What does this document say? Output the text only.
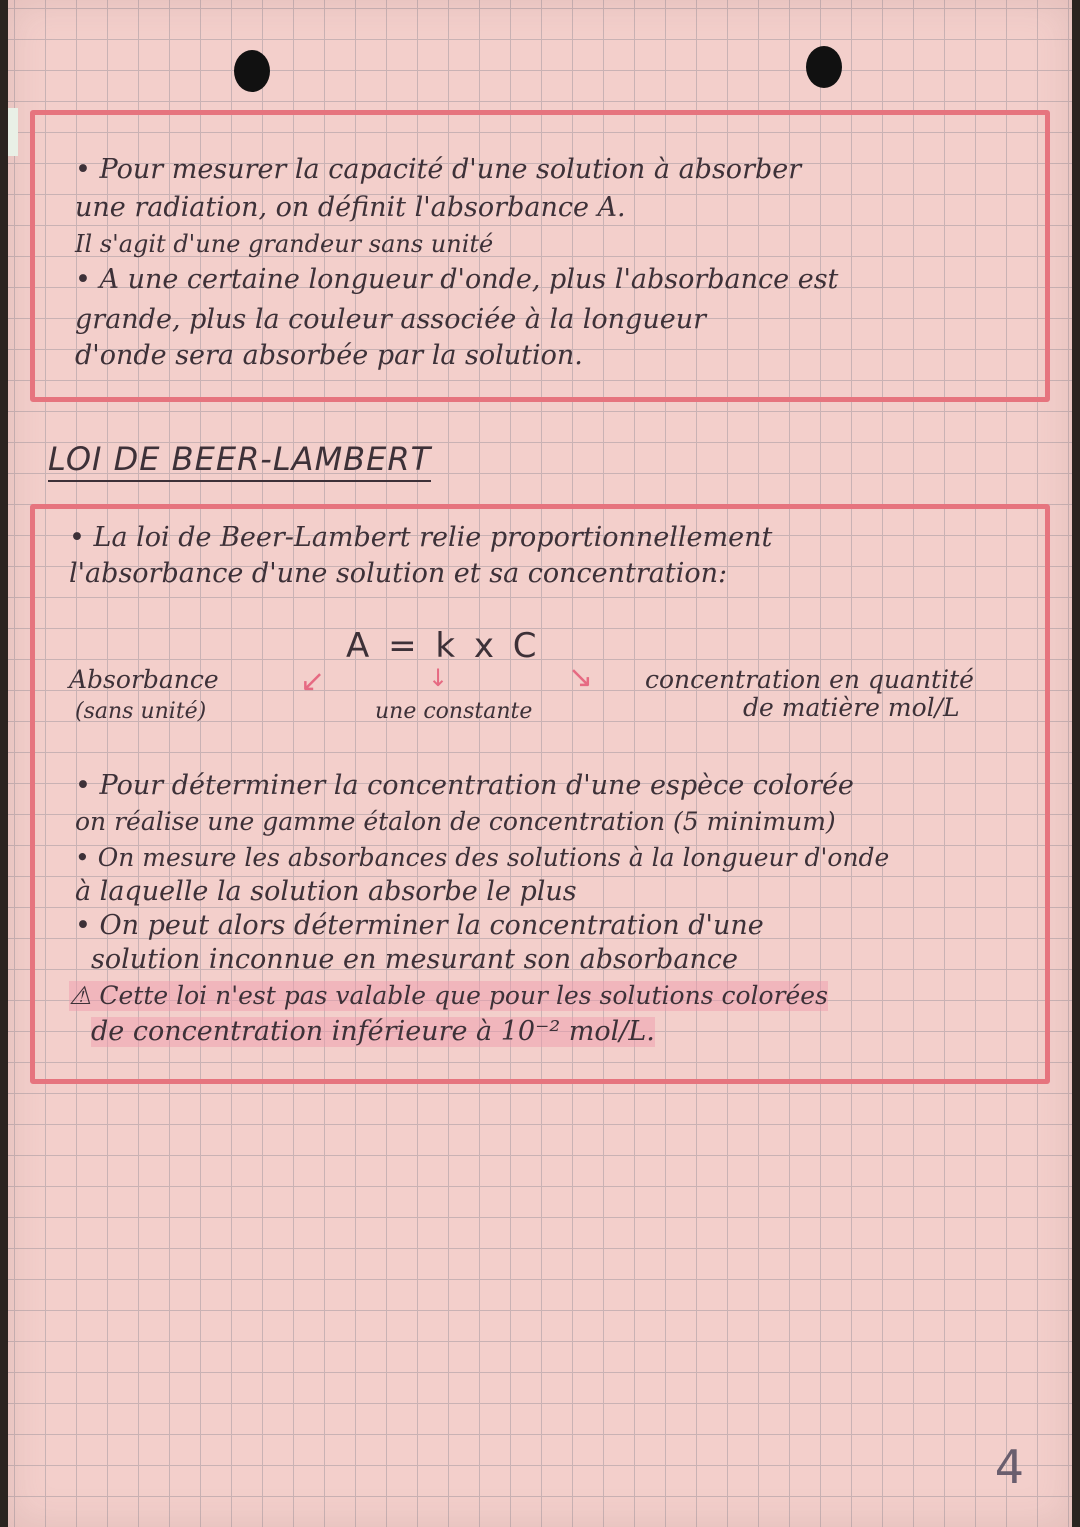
• Pour mesurer la capacité d'une solution à absorber
une radiation, on définit l'absorbance A.
Il s'agit d'une grandeur sans unité
• A une certaine longueur d'onde, plus l'absorbance est
grande, plus la couleur associée à la longueur
d'onde sera absorbée par la solution.
LOI DE BEER-LAMBERT
• La loi de Beer-Lambert relie proportionnellement
l'absorbance d'une solution et sa concentration:
Absorbance
(sans unité)	une constante
concentration en quantité
de matière mol/L
• Pour déterminer la concentration d'une espèce colorée
on réalise une gamme étalon de concentration (5 minimum)
• On mesure les absorbances des solutions à la longueur d'onde
à laquelle la solution absorbe le plus
• On peut alors déterminer la concentration d'une
solution inconnue en mesurant son absorbance
⚠ Cette loi n'est pas valable que pour les solutions colorées
de concentration inférieure à 10⁻² mol/L.
A = k x C
↙	↓	↘
4
